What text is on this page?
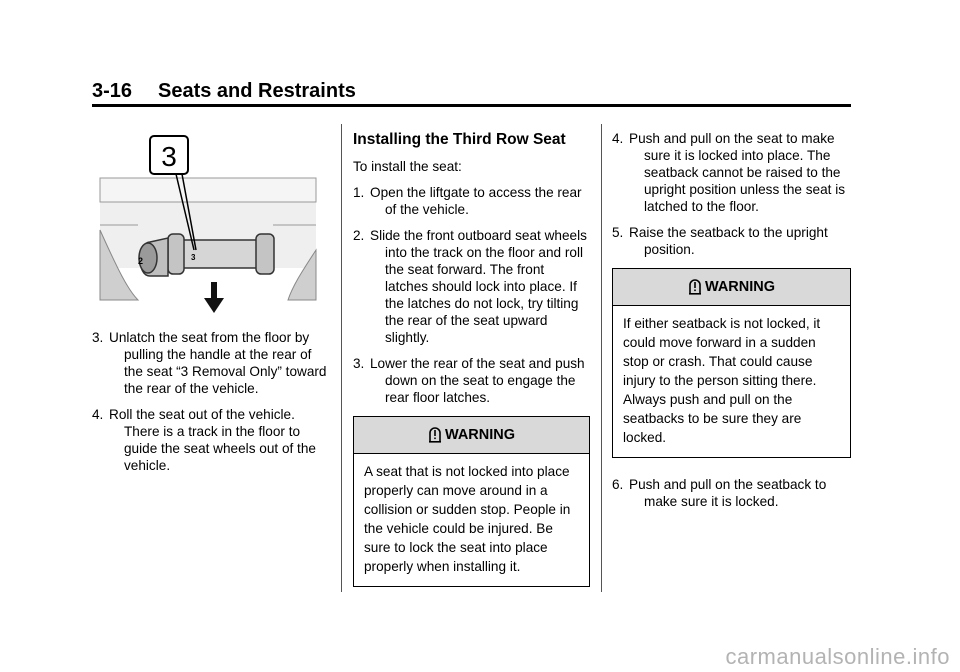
3-16 Seats and Restraints
2	3
3
3. Unlatch the seat from the floor by pulling the handle at the rear of the seat “3 Removal Only” toward the rear of the vehicle.
4. Roll the seat out of the vehicle. There is a track in the floor to guide the seat wheels out of the vehicle.
Installing the Third Row Seat
To install the seat:
1. Open the liftgate to access the rear of the vehicle.
2. Slide the front outboard seat wheels into the track on the floor and roll the seat forward. The front latches should lock into place. If the latches do not lock, try tilting the rear of the seat upward slightly.
3. Lower the rear of the seat and push down on the seat to engage the rear floor latches.
WARNING
A seat that is not locked into place properly can move around in a collision or sudden stop. People in the vehicle could be injured. Be sure to lock the seat into place properly when installing it.
4. Push and pull on the seat to make sure it is locked into place. The seatback cannot be raised to the upright position unless the seat is latched to the floor.
5. Raise the seatback to the upright position.
WARNING
If either seatback is not locked, it could move forward in a sudden stop or crash. That could cause injury to the person sitting there. Always push and pull on the seatbacks to be sure they are locked.
6. Push and pull on the seatback to make sure it is locked.
carmanualsonline.info
